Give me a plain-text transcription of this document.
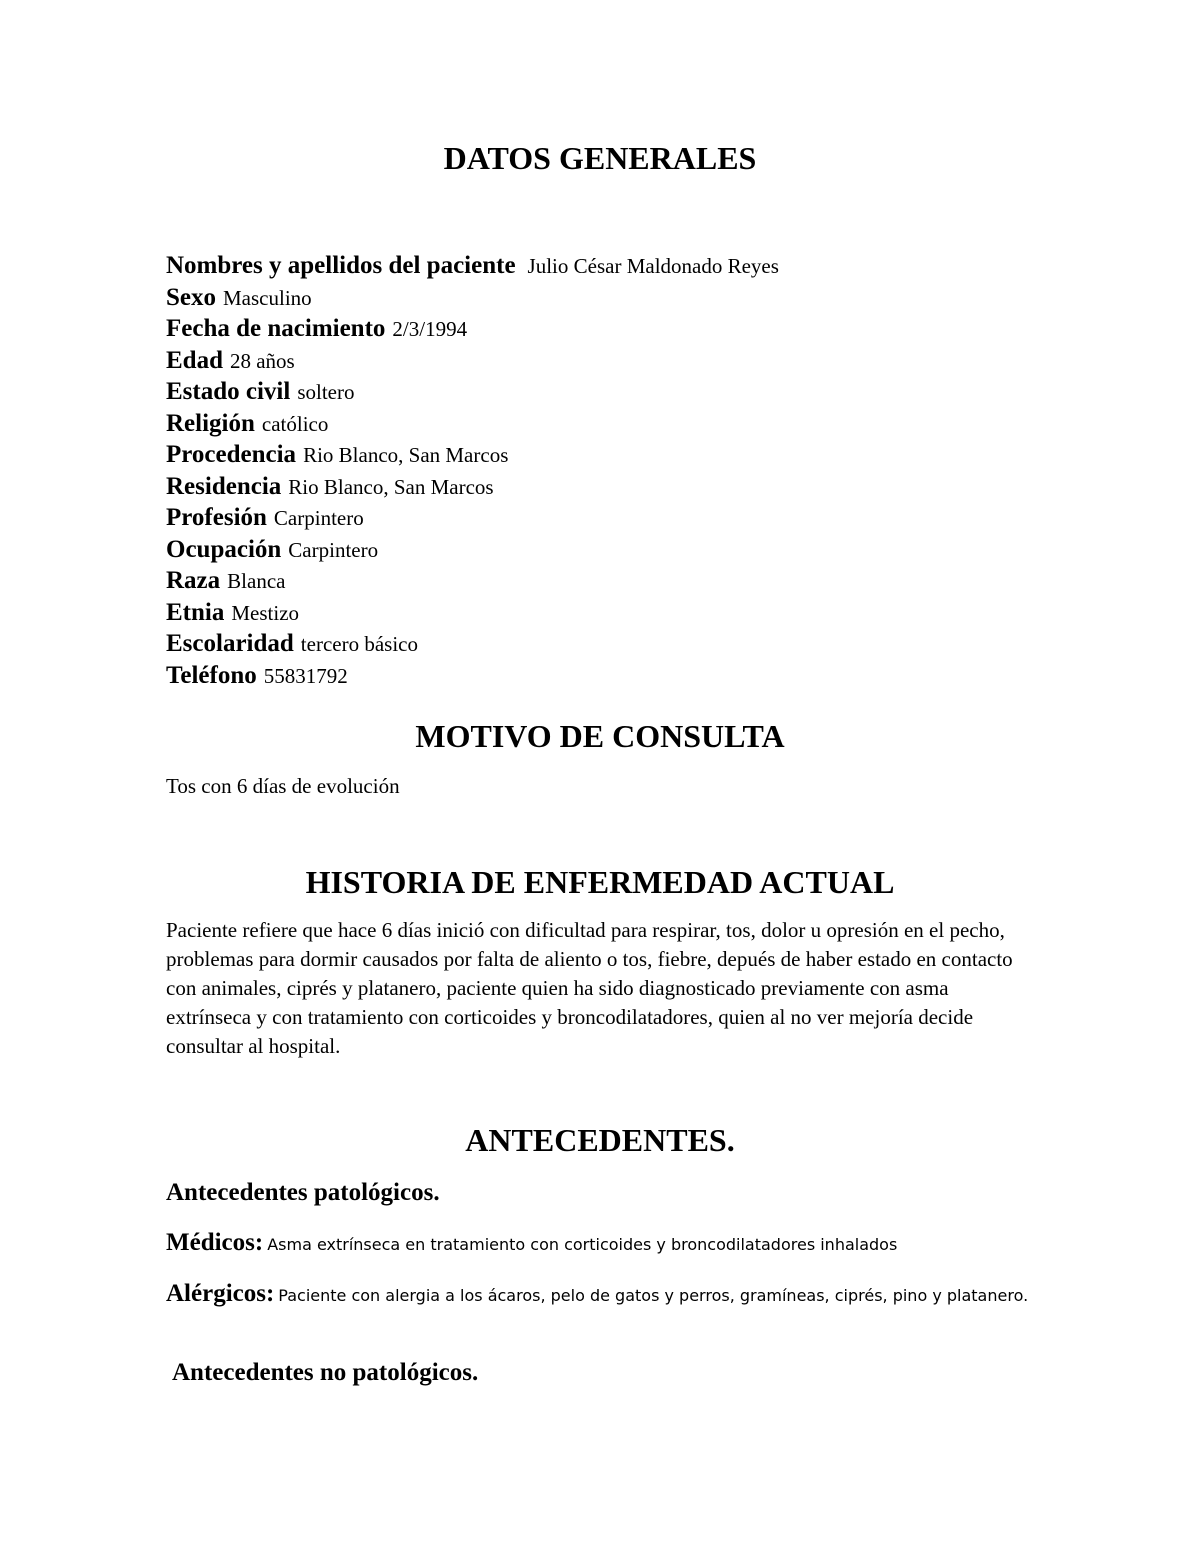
DATOS GENERALES
Nombres y apellidos del paciente Julio César Maldonado Reyes
Sexo Masculino
Fecha de nacimiento 2/3/1994
Edad 28 años
Estado civil soltero
Religión católico
Procedencia Rio Blanco, San Marcos
Residencia Rio Blanco, San Marcos
Profesión Carpintero
Ocupación Carpintero
Raza Blanca
Etnia Mestizo
Escolaridad tercero básico
Teléfono 55831792
MOTIVO DE CONSULTA

Tos con 6 días de evolución

HISTORIA DE ENFERMEDAD ACTUAL

Paciente refiere que hace 6 días inició con dificultad para respirar, tos, dolor u opresión en el pecho, problemas para dormir causados por falta de aliento o tos, fiebre, depués de haber estado en contacto con animales, ciprés y platanero, paciente quien ha sido diagnosticado previamente con asma extrínseca y con tratamiento con corticoides y broncodilatadores, quien al no ver mejoría decide consultar al hospital.

ANTECEDENTES.
Antecedentes patológicos.

Médicos: Asma extrínseca en tratamiento con corticoides y broncodilatadores inhalados

Alérgicos: Paciente con alergia a los ácaros, pelo de gatos y perros, gramíneas, ciprés, pino y platanero.

Antecedentes no patológicos.
